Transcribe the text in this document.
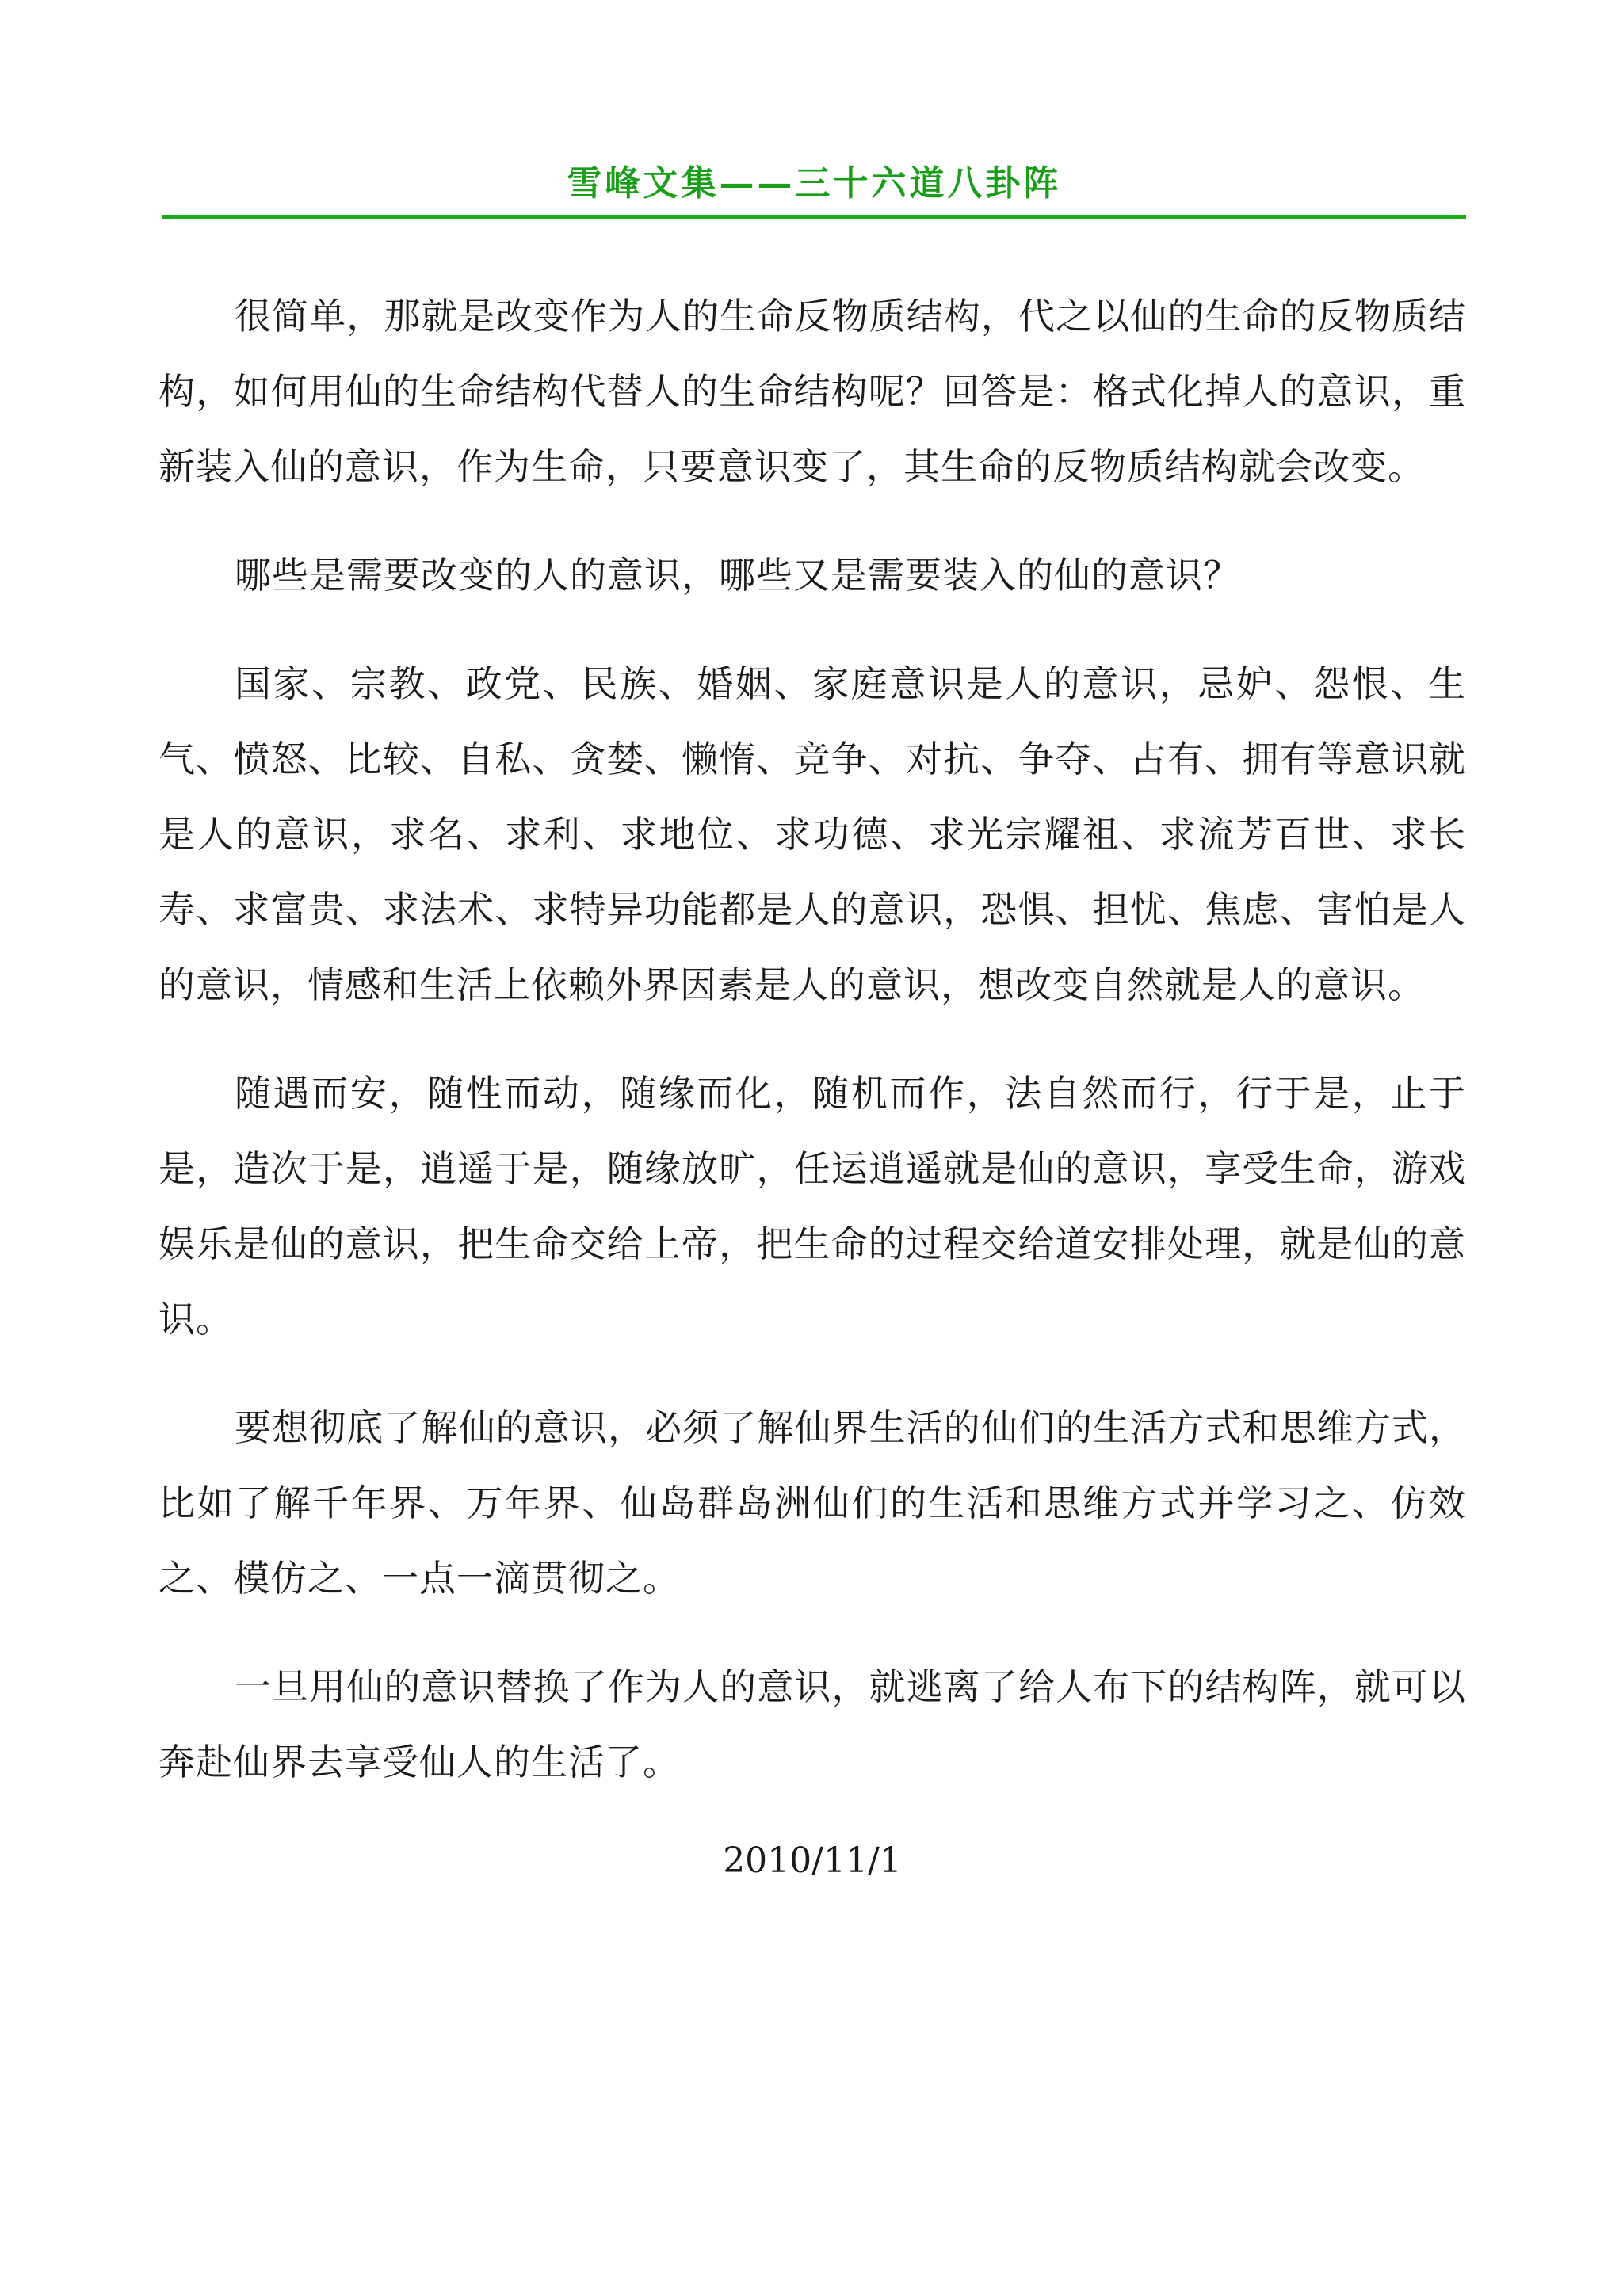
雪峰文集——三十六道八卦阵

很简单，那就是改变作为人的生命反物质结构，代之以仙的生命的反物质结构，如何用仙的生命结构代替人的生命结构呢？回答是：格式化掉人的意识，重新装入仙的意识，作为生命，只要意识变了，其生命的反物质结构就会改变。

哪些是需要改变的人的意识，哪些又是需要装入的仙的意识？

国家、宗教、政党、民族、婚姻、家庭意识是人的意识，忌妒、怨恨、生气、愤怒、比较、自私、贪婪、懒惰、竞争、对抗、争夺、占有、拥有等意识就是人的意识，求名、求利、求地位、求功德、求光宗耀祖、求流芳百世、求长寿、求富贵、求法术、求特异功能都是人的意识，恐惧、担忧、焦虑、害怕是人的意识，情感和生活上依赖外界因素是人的意识，想改变自然就是人的意识。

随遇而安，随性而动，随缘而化，随机而作，法自然而行，行于是，止于是，造次于是，逍遥于是，随缘放旷，任运逍遥就是仙的意识，享受生命，游戏娱乐是仙的意识，把生命交给上帝，把生命的过程交给道安排处理，就是仙的意识。

要想彻底了解仙的意识，必须了解仙界生活的仙们的生活方式和思维方式，比如了解千年界、万年界、仙岛群岛洲仙们的生活和思维方式并学习之、仿效之、模仿之、一点一滴贯彻之。

一旦用仙的意识替换了作为人的意识，就逃离了给人布下的结构阵，就可以奔赴仙界去享受仙人的生活了。

2010/11/1
